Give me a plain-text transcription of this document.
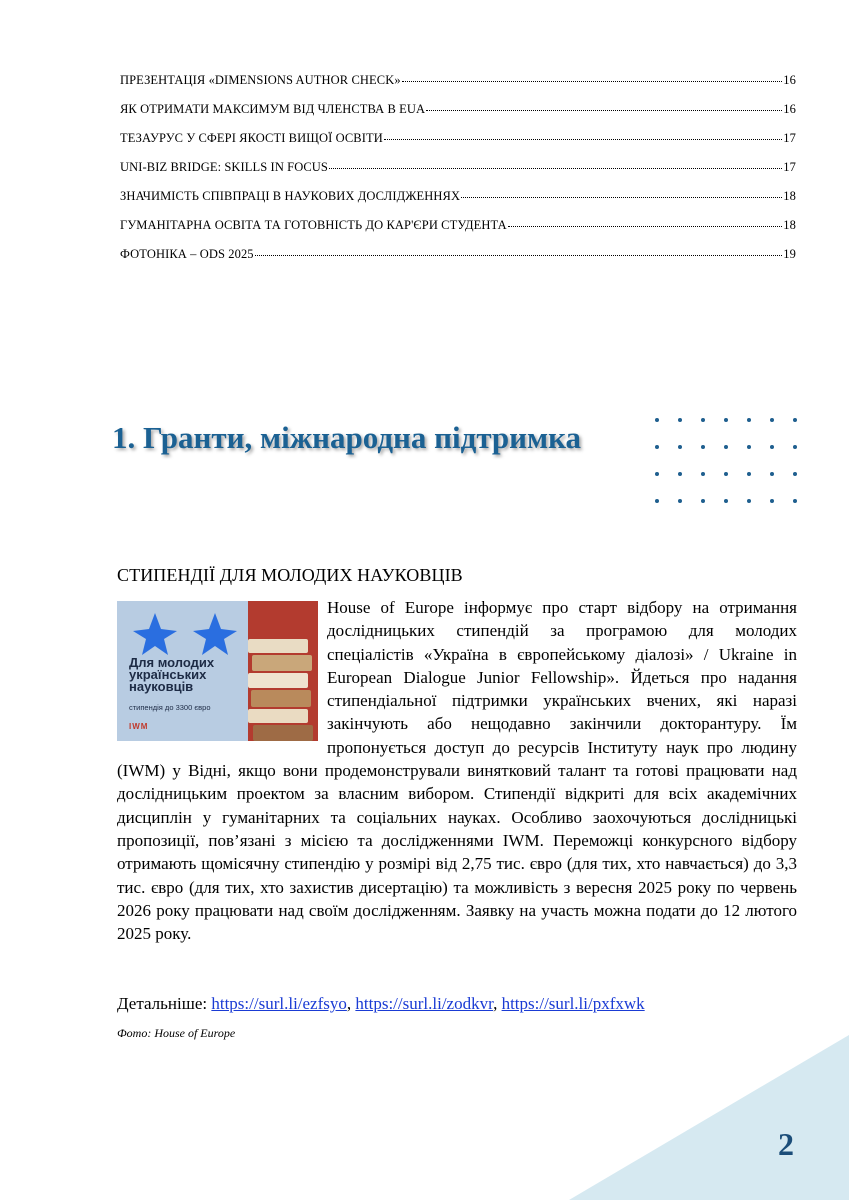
ПРЕЗЕНТАЦІЯ «DIMENSIONS AUTHOR CHECK»	16
ЯК ОТРИМАТИ МАКСИМУМ ВІД ЧЛЕНСТВА В EUA	16
ТЕЗАУРУС У СФЕРІ ЯКОСТІ ВИЩОЇ ОСВІТИ	17
UNI-BIZ BRIDGE: SKILLS IN FOCUS	17
ЗНАЧИМІСТЬ СПІВПРАЦІ В НАУКОВИХ ДОСЛІДЖЕННЯХ	18
ГУМАНІТАРНА ОСВІТА ТА ГОТОВНІСТЬ ДО КАР'ЄРИ СТУДЕНТА	18
ФОТОНІКА – ODS 2025	19
1. Гранти, міжнародна підтримка
СТИПЕНДІЇ ДЛЯ МОЛОДИХ НАУКОВЦІВ

House of Europe інформує про старт відбору на отримання дослідницьких стипендій за програмою для молодих спеціалістів «Україна в європейському діалозі» / Ukraine in European Dialogue Junior Fellowship». Йдеться про надання стипендіальної підтримки українських вчених, які наразі закінчують або нещодавно закінчили докторантуру. Їм пропонується доступ до ресурсів Інституту наук про людину (IWM) у Відні, якщо вони продемонстрували винятковий талант та готові працювати над дослідницьким проектом за власним вибором. Стипендії відкриті для всіх академічних дисциплін у гуманітарних та соціальних науках. Особливо заохочуються дослідницькі пропозиції, пов’язані з місією та дослідженнями IWM. Переможці конкурсного відбору отримають щомісячну стипендію у розмірі від 2,75 тис. євро (для тих, хто навчається) до 3,3 тис. євро (для тих, хто захистив дисертацію) та можливість з вересня 2025 року по червень 2026 року працювати над своїм дослідженням. Заявку на участь можна подати до 12 лютого 2025 року.

Для молодих українських науковців
стипендія до 3300 євро
IWM
Детальніше: https://surl.li/ezfsyo, https://surl.li/zodkvr, https://surl.li/pxfxwk
Фото: House of Europe
2
